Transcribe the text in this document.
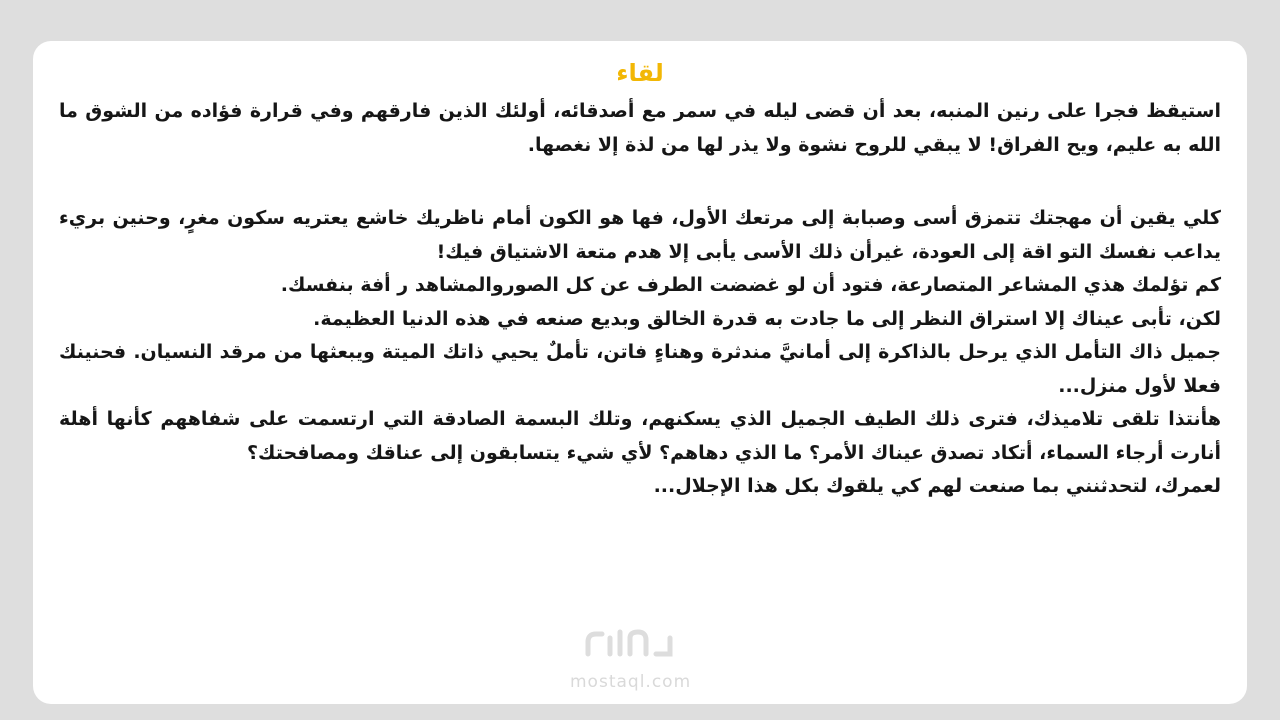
لقاء

استيقظ فجرا على رنين المنبه، بعد أن قضى ليله في سمر مع أصدقائه، أولئك الذين فارقهم وفي قرارة فؤاده من الشوق ما الله به عليم، ويح الفراق! لا يبقي للروح نشوة ولا يذر لها من لذة إلا نغصها.

كلي يقين أن مهجتك تتمزق أسى وصبابة إلى مرتعك الأول، فها هو الكون أمام ناظريك خاشع يعتريه سكون مغرٍ، وحنين بريء يداعب نفسك التو اقة إلى العودة، غيرأن ذلك الأسى يأبى إلا هدم متعة الاشتياق فيك!

كم تؤلمك هذي المشاعر المتصارعة، فتود أن لو غضضت الطرف عن كل الصوروالمشاهد ر أفة بنفسك.

لكن، تأبى عيناك إلا استراق النظر إلى ما جادت به قدرة الخالق وبديع صنعه في هذه الدنيا العظيمة.

جميل ذاك التأمل الذي يرحل بالذاكرة إلى أمانيَّ مندثرة وهناءٍ فاتن، تأملٌ يحيي ذاتك الميتة ويبعثها من مرقد النسيان. فحنينك فعلا لأول منزل...

هأنتذا تلقى تلاميذك، فترى ذلك الطيف الجميل الذي يسكنهم، وتلك البسمة الصادقة التي ارتسمت على شفاههم كأنها أهلة أنارت أرجاء السماء، أتكاد تصدق عيناك الأمر؟ ما الذي دهاهم؟ لأي شيء يتسابقون إلى عناقك ومصافحتك؟

لعمرك، لتحدثنني بما صنعت لهم كي يلقوك بكل هذا الإجلال...

mostaql.com
